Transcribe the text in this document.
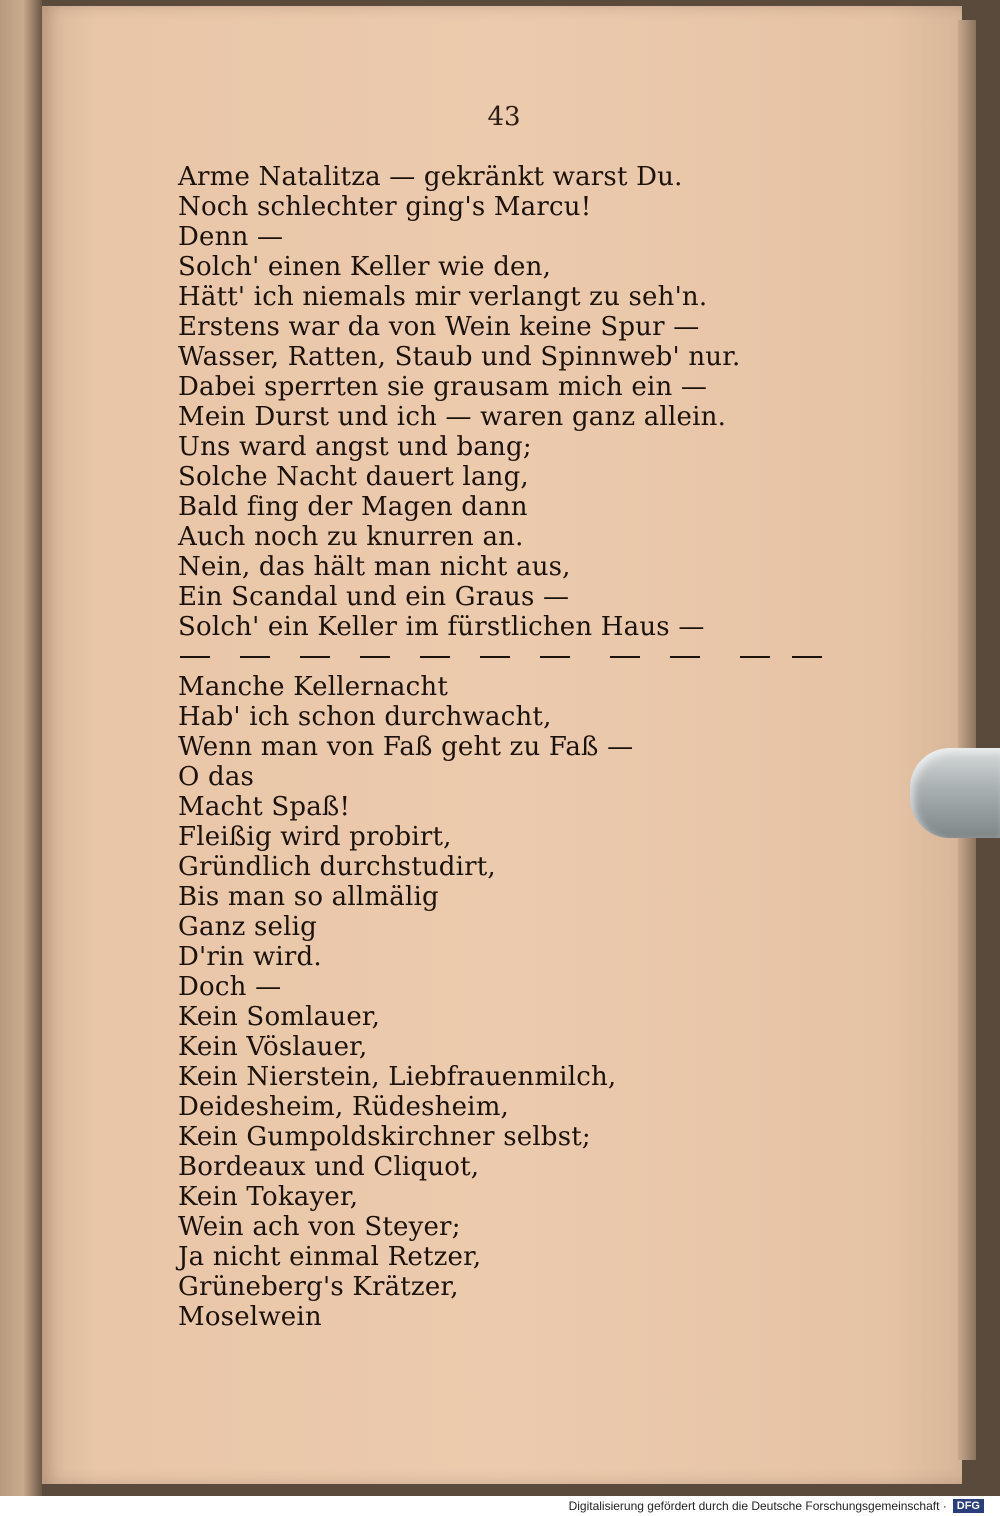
43
Arme Natalitza — gekränkt warst Du.
Noch schlechter ging's Marcu!
Denn —
Solch' einen Keller wie den,
Hätt' ich niemals mir verlangt zu seh'n.
Erstens war da von Wein keine Spur —
Wasser, Ratten, Staub und Spinnweb' nur.
Dabei sperrten sie grausam mich ein —
Mein Durst und ich — waren ganz allein.
Uns ward angst und bang;
Solche Nacht dauert lang,
Bald fing der Magen dann
Auch noch zu knurren an.
Nein, das hält man nicht aus,
Ein Scandal und ein Graus —
Solch' ein Keller im fürstlichen Haus —
Manche Kellernacht
Hab' ich schon durchwacht,
Wenn man von Faß geht zu Faß —
O das
Macht Spaß!
Fleißig wird probirt,
Gründlich durchstudirt,
Bis man so allmälig
Ganz selig
D'rin wird.
Doch —
Kein Somlauer,
Kein Vöslauer,
Kein Nierstein, Liebfrauenmilch,
Deidesheim, Rüdesheim,
Kein Gumpoldskirchner selbst;
Bordeaux und Cliquot,
Kein Tokayer,
Wein ach von Steyer;
Ja nicht einmal Retzer,
Grüneberg's Krätzer,
Moselwein
Digitalisierung gefördert durch die Deutsche Forschungsgemeinschaft · DFG
